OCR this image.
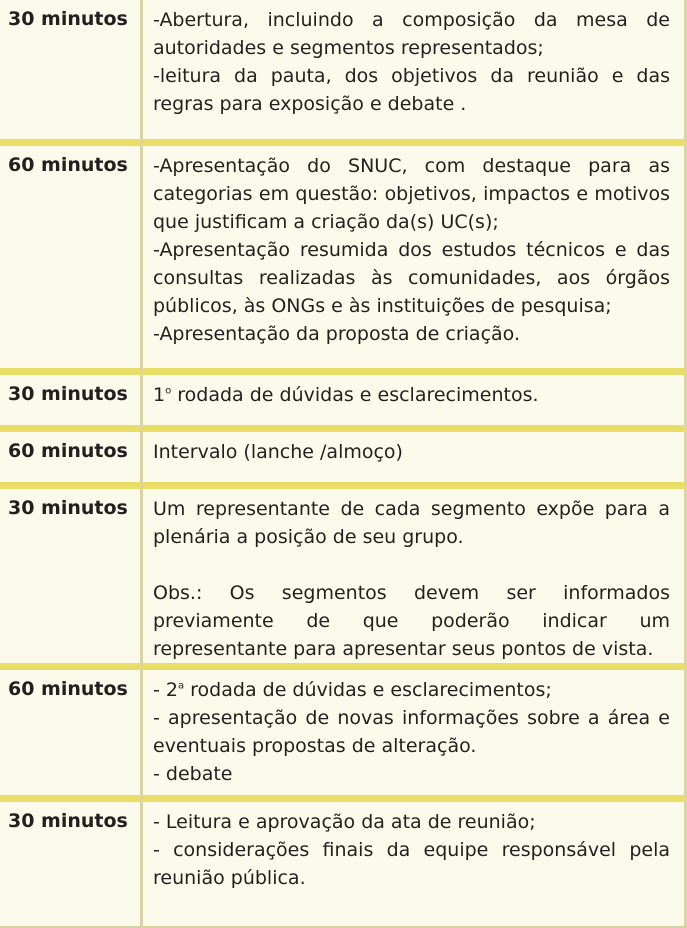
30 minutos	-Abertura, incluindo a composição da mesa de autoridades e segmentos representados;
-leitura da pauta, dos objetivos da reunião e das regras para exposição e debate .

60 minutos	-Apresentação do SNUC, com destaque para as categorias em questão: objetivos, impactos e motivos que justificam a criação da(s) UC(s);
-Apresentação resumida dos estudos técnicos e das consultas realizadas às comunidades, aos órgãos públicos, às ONGs e às instituições de pesquisa;
-Apresentação da proposta de criação.

30 minutos	1$^o$ rodada de dúvidas e esclarecimentos.

60 minutos	Intervalo (lanche /almoço)

30 minutos	Um representante de cada segmento expõe para a plenária a posição de seu grupo.
Obs.: Os segmentos devem ser informados previamente de que poderão indicar um representante para apresentar seus pontos de vista.

60 minutos	- 2$^a$ rodada de dúvidas e esclarecimentos;
- apresentação de novas informações sobre a área e eventuais propostas de alteração.
- debate

30 minutos	- Leitura e aprovação da ata de reunião;
- considerações finais da equipe responsável pela reunião pública.
